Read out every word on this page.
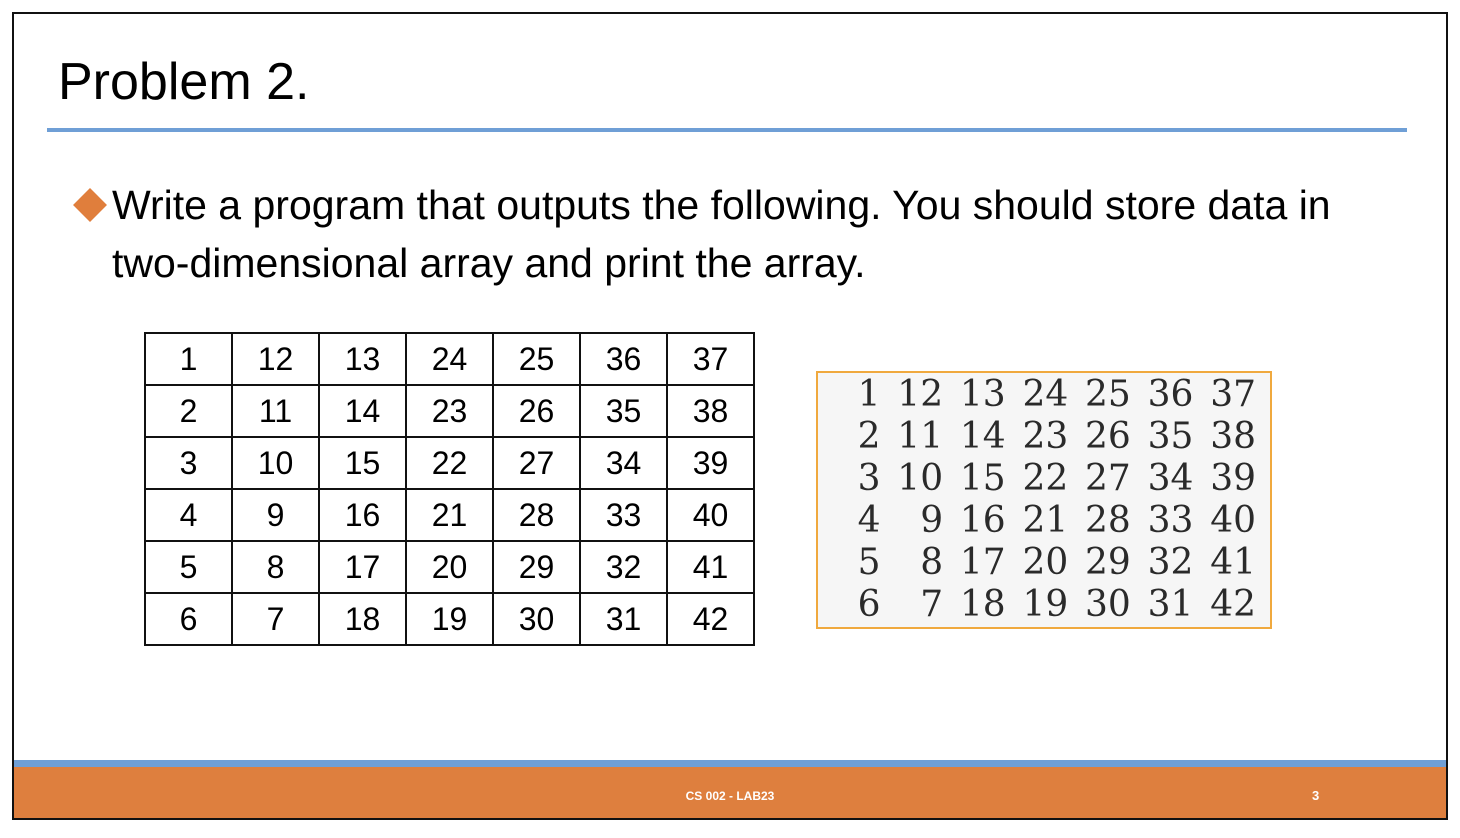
Problem 2.
Write a program that outputs the following. You should store data in two-dimensional array and print the array.
1	12	13	24	25	36	37
2	11	14	23	26	35	38
3	10	15	22	27	34	39
4	9	16	21	28	33	40
5	8	17	20	29	32	41
6	7	18	19	30	31	42
1 12 13 24 25 36 37
2 11 14 23 26 35 38
3 10 15 22 27 34 39
4	9 16 21 28 33 40
5	8 17 20 29 32 41
6	7 18 19 30 31 42
CS 002 - LAB23	3
